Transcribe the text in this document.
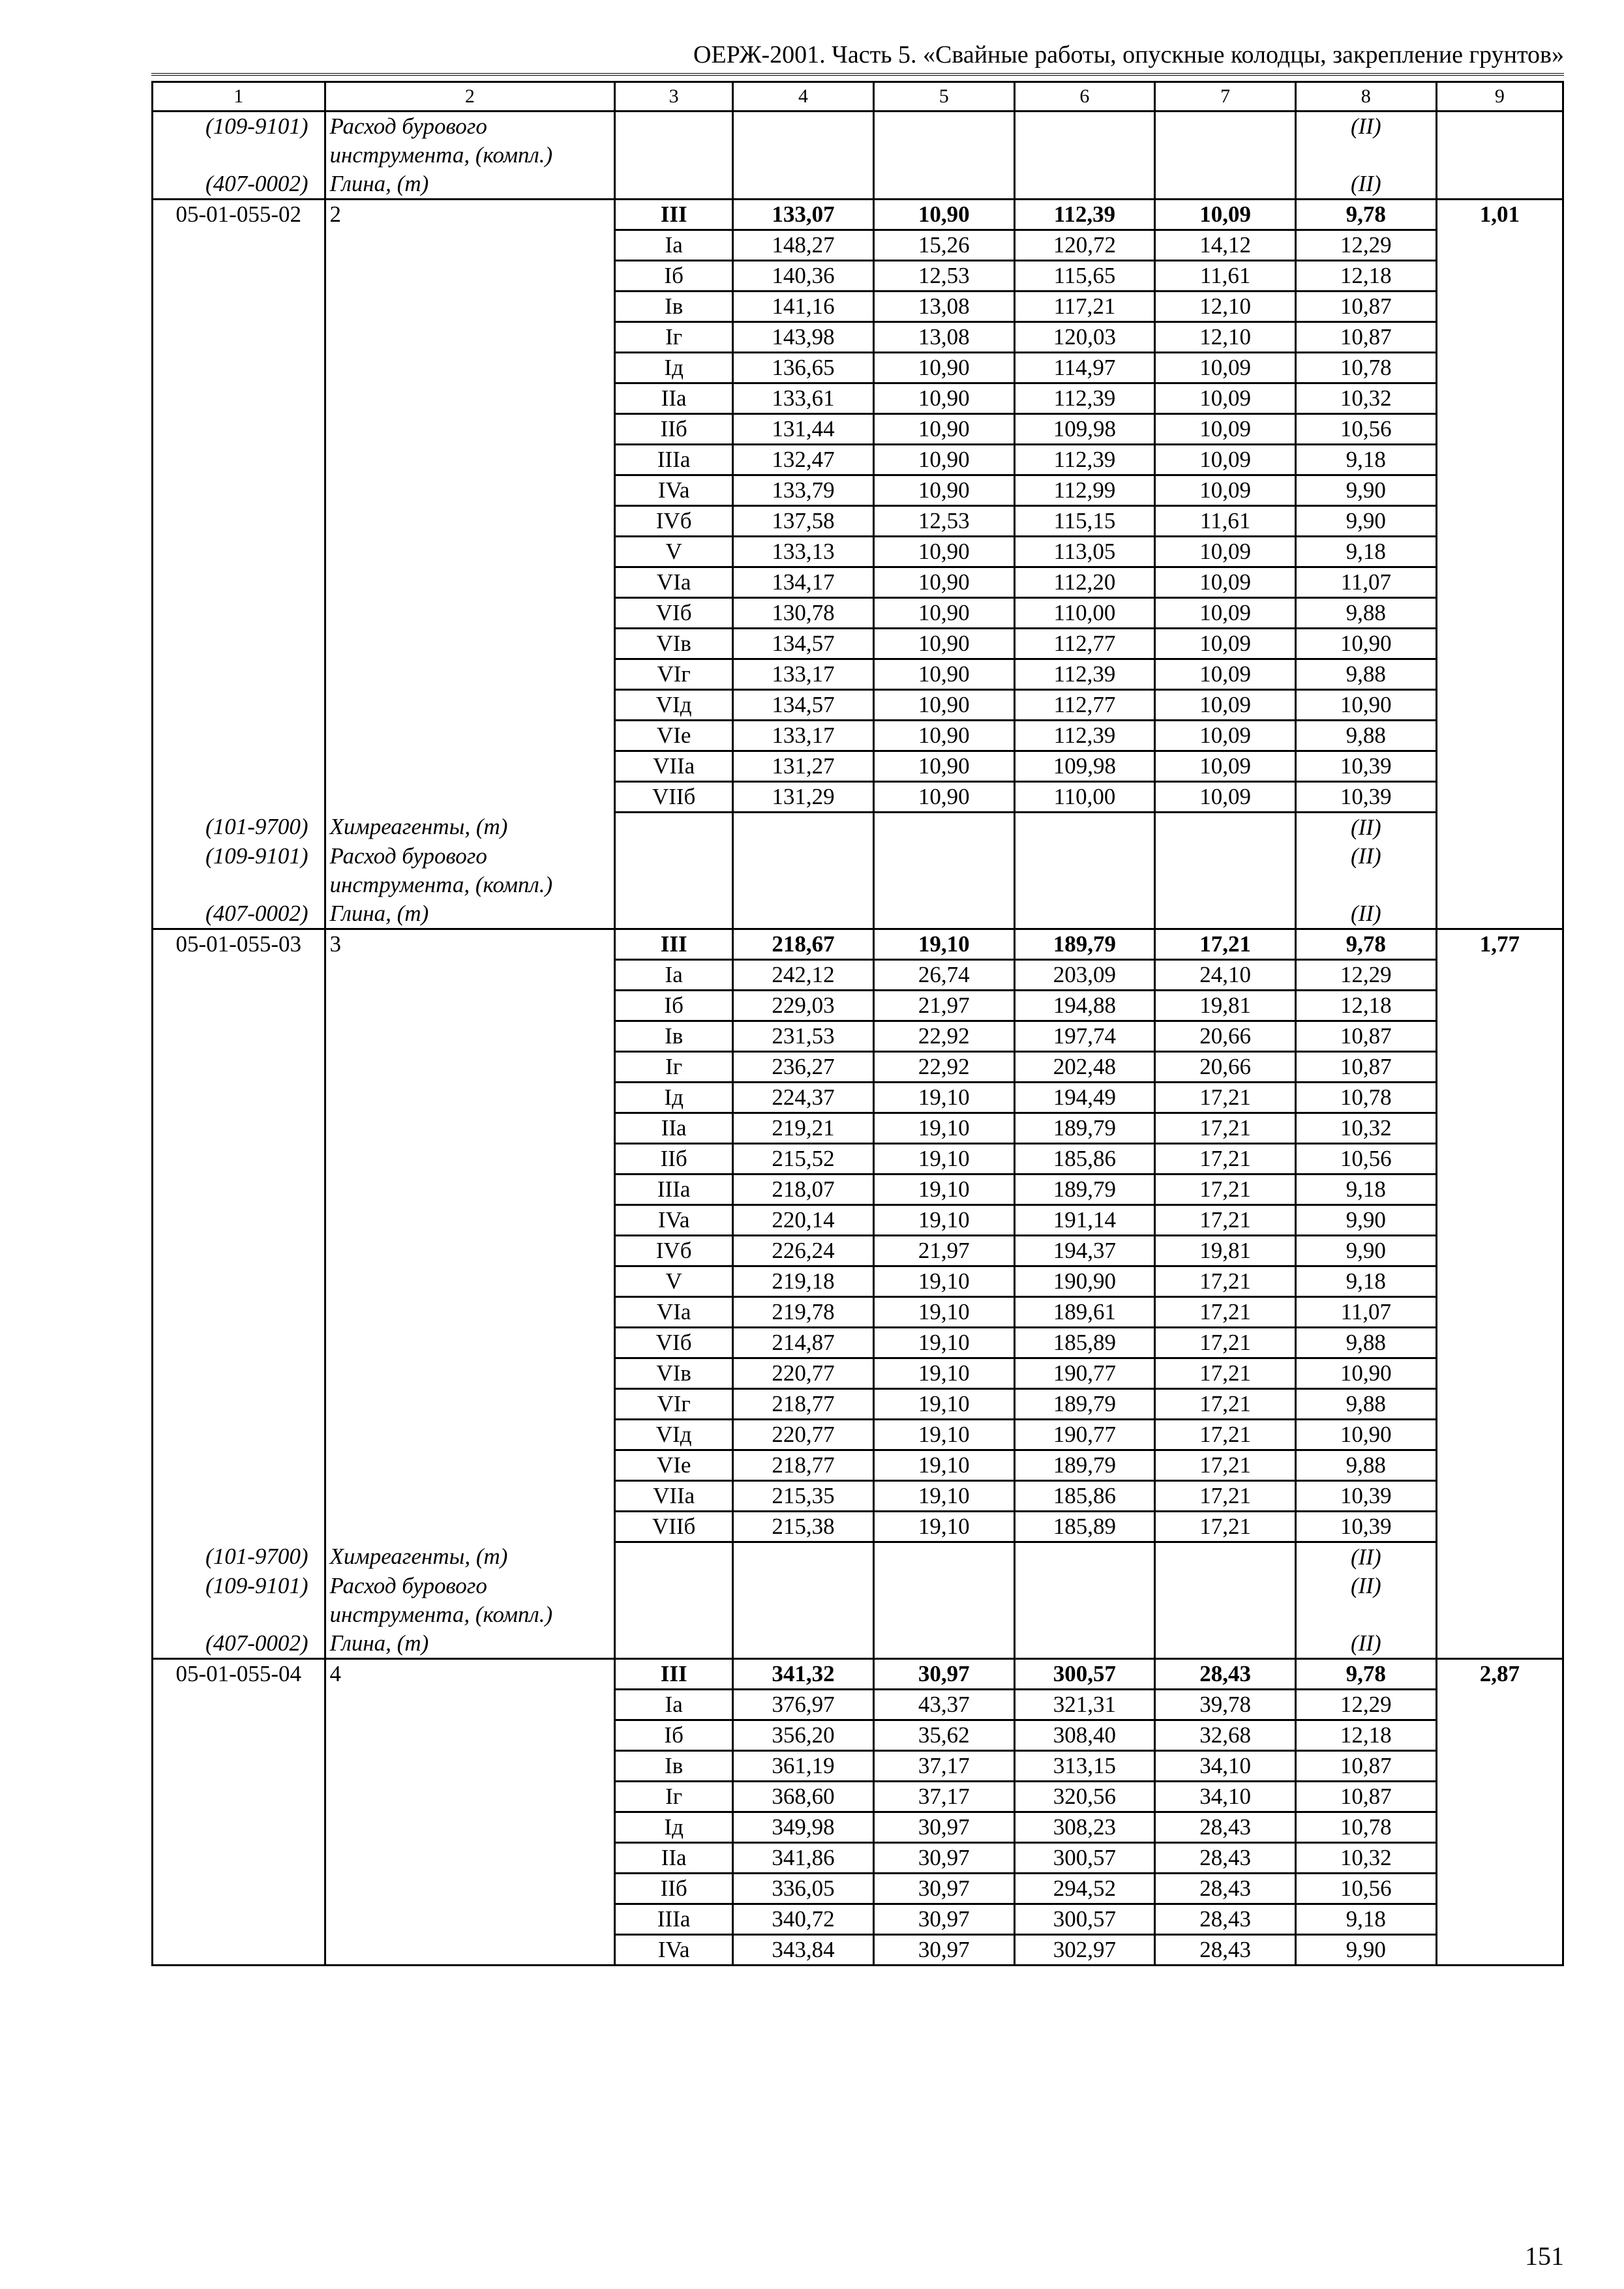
ОЕРЖ-2001. Часть 5. «Свайные работы, опускные колодцы, закрепление грунтов»
1	2	3	4	5	6	7	8	9
(109-9101)	Расход бурового инструмента, (компл.)						(II)	
(407-0002)	Глина, (т)						(II)	
05-01-055-02	2	III	133,07	10,90	112,39	10,09	9,78	1,01
		Ia	148,27	15,26	120,72	14,12	12,29	
		Iб	140,36	12,53	115,65	11,61	12,18	
		Iв	141,16	13,08	117,21	12,10	10,87	
		Iг	143,98	13,08	120,03	12,10	10,87	
		Iд	136,65	10,90	114,97	10,09	10,78	
		IIa	133,61	10,90	112,39	10,09	10,32	
		IIб	131,44	10,90	109,98	10,09	10,56	
		IIIa	132,47	10,90	112,39	10,09	9,18	
		IVa	133,79	10,90	112,99	10,09	9,90	
		IVб	137,58	12,53	115,15	11,61	9,90	
		V	133,13	10,90	113,05	10,09	9,18	
		VIa	134,17	10,90	112,20	10,09	11,07	
		VIб	130,78	10,90	110,00	10,09	9,88	
		VIв	134,57	10,90	112,77	10,09	10,90	
		VIг	133,17	10,90	112,39	10,09	9,88	
		VIд	134,57	10,90	112,77	10,09	10,90	
		VIe	133,17	10,90	112,39	10,09	9,88	
		VIIa	131,27	10,90	109,98	10,09	10,39	
		VIIб	131,29	10,90	110,00	10,09	10,39	
(101-9700)	Химреагенты, (т)						(II)	
(109-9101)	Расход бурового инструмента, (компл.)						(II)	
(407-0002)	Глина, (т)						(II)	
05-01-055-03	3	III	218,67	19,10	189,79	17,21	9,78	1,77
		Ia	242,12	26,74	203,09	24,10	12,29	
		Iб	229,03	21,97	194,88	19,81	12,18	
		Iв	231,53	22,92	197,74	20,66	10,87	
		Iг	236,27	22,92	202,48	20,66	10,87	
		Iд	224,37	19,10	194,49	17,21	10,78	
		IIa	219,21	19,10	189,79	17,21	10,32	
		IIб	215,52	19,10	185,86	17,21	10,56	
		IIIa	218,07	19,10	189,79	17,21	9,18	
		IVa	220,14	19,10	191,14	17,21	9,90	
		IVб	226,24	21,97	194,37	19,81	9,90	
		V	219,18	19,10	190,90	17,21	9,18	
		VIa	219,78	19,10	189,61	17,21	11,07	
		VIб	214,87	19,10	185,89	17,21	9,88	
		VIв	220,77	19,10	190,77	17,21	10,90	
		VIг	218,77	19,10	189,79	17,21	9,88	
		VIд	220,77	19,10	190,77	17,21	10,90	
		VIe	218,77	19,10	189,79	17,21	9,88	
		VIIa	215,35	19,10	185,86	17,21	10,39	
		VIIб	215,38	19,10	185,89	17,21	10,39	
(101-9700)	Химреагенты, (т)						(II)	
(109-9101)	Расход бурового инструмента, (компл.)						(II)	
(407-0002)	Глина, (т)						(II)	
05-01-055-04	4	III	341,32	30,97	300,57	28,43	9,78	2,87
		Ia	376,97	43,37	321,31	39,78	12,29	
		Iб	356,20	35,62	308,40	32,68	12,18	
		Iв	361,19	37,17	313,15	34,10	10,87	
		Iг	368,60	37,17	320,56	34,10	10,87	
		Iд	349,98	30,97	308,23	28,43	10,78	
		IIa	341,86	30,97	300,57	28,43	10,32	
		IIб	336,05	30,97	294,52	28,43	10,56	
		IIIa	340,72	30,97	300,57	28,43	9,18	
		IVa	343,84	30,97	302,97	28,43	9,90	
151
